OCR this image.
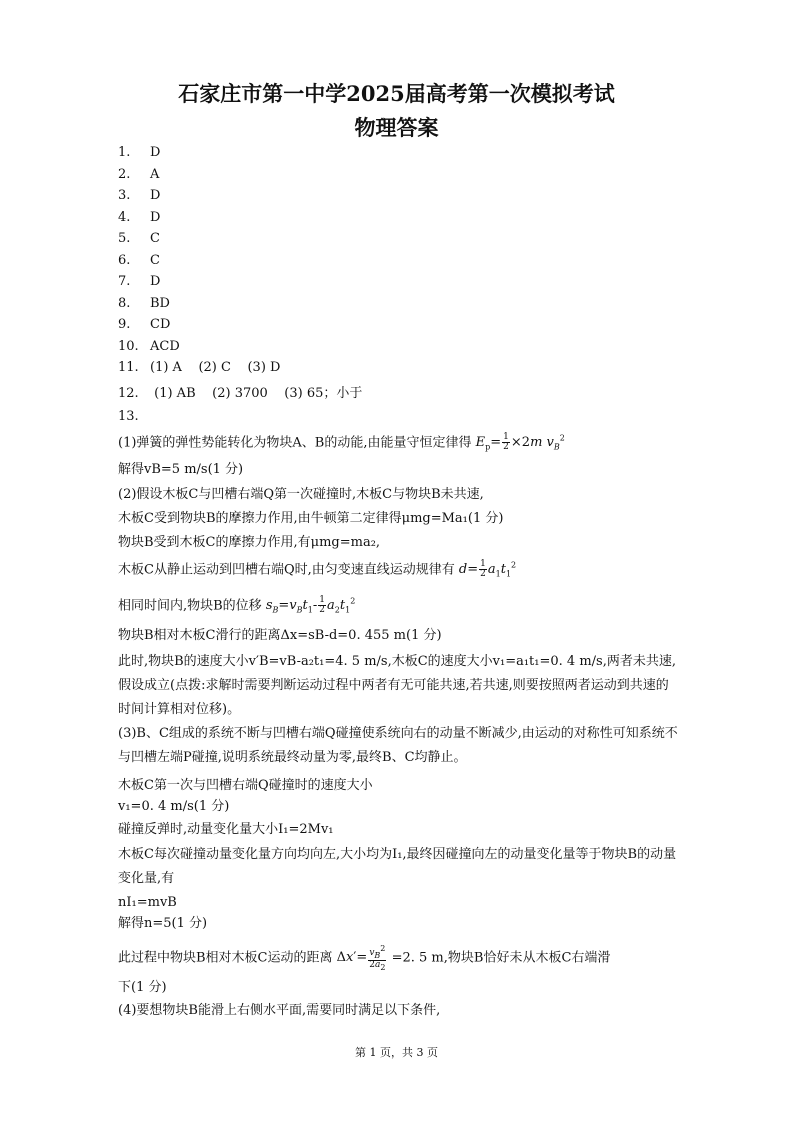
石家庄市第一中学2025届高考第一次模拟考试
物理答案
1. D
2. A
3. D
4. D
5. C
6. C
7. D
8. BD
9. CD
10. ACD
11. (1) A    (2) C    (3) D
12. (1) AB    (2) 3700    (3) 65；小于
13.
(1)弹簧的弹性势能转化为物块A、B的动能,由能量守恒定律得 $E_p= \frac{1}{2} \times 2m$ $v_B^2$
解得vB=5 m/s(1 分)
(2)假设木板C与凹槽右端Q第一次碰撞时,木板C与物块B未共速,
木板C受到物块B的摩擦力作用,由牛顿第二定律得μmg=Ma₁(1 分)
物块B受到木板C的摩擦力作用,有μmg=ma₂,
木板C从静止运动到凹槽右端Q时,由匀变速直线运动规律有 $d= \frac{1}{2} a_1t_1^2$
相同时间内,物块B的位移 $s_B=v_Bt_1- \frac{1}{2} a_2t_1^2$
物块B相对木板C滑行的距离Δx=sB-d=0. 455 m(1 分)
此时,物块B的速度大小v′B=vB-a₂t₁=4. 5 m/s,木板C的速度大小v₁=a₁t₁=0. 4 m/s,两者未共速,假设成立(点拨:求解时需要判断运动过程中两者有无可能共速,若共速,则要按照两者运动到共速的时间计算相对位移)。
(3)B、C组成的系统不断与凹槽右端Q碰撞使系统向右的动量不断减少,由运动的对称性可知系统不与凹槽左端P碰撞,说明系统最终动量为零,最终B、C均静止。
木板C第一次与凹槽右端Q碰撞时的速度大小
v₁=0. 4 m/s(1 分)
碰撞反弹时,动量变化量大小I₁=2Mv₁
木板C每次碰撞动量变化量方向均向左,大小均为I₁,最终因碰撞向左的动量变化量等于物块B的动量变化量,有
nI₁=mvB
解得n=5(1 分)
此过程中物块B相对木板C运动的距离 $\Delta x'= \frac{v_B^2}{2a_2} =2$. 5 m,物块B恰好未从木板C右端滑
下(1 分)
(4)要想物块B能滑上右侧水平面,需要同时满足以下条件,
第 1 页，共 3 页
